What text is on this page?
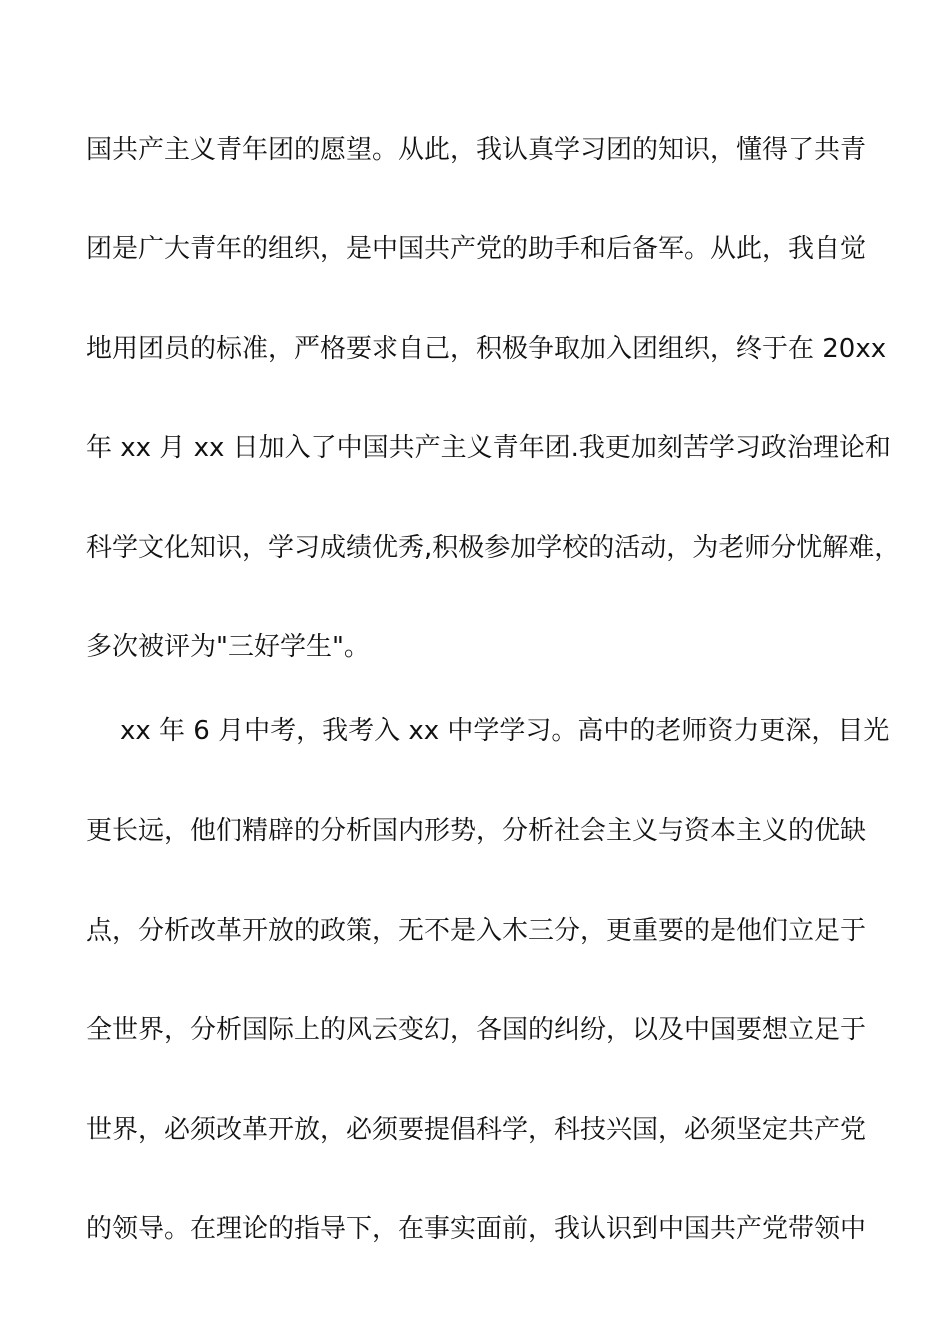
国共产主义青年团的愿望。从此，我认真学习团的知识，懂得了共青
团是广大青年的组织，是中国共产党的助手和后备军。从此，我自觉
地用团员的标准，严格要求自己，积极争取加入团组织，终于在 20xx
年 xx 月 xx 日加入了中国共产主义青年团.我更加刻苦学习政治理论和
科学文化知识，学习成绩优秀,积极参加学校的活动，为老师分忧解难，
多次被评为"三好学生"。
xx 年 6 月中考，我考入 xx 中学学习。高中的老师资力更深，目光
更长远，他们精辟的分析国内形势，分析社会主义与资本主义的优缺
点，分析改革开放的政策，无不是入木三分，更重要的是他们立足于
全世界，分析国际上的风云变幻，各国的纠纷，以及中国要想立足于
世界，必须改革开放，必须要提倡科学，科技兴国，必须坚定共产党
的领导。在理论的指导下，在事实面前，我认识到中国共产党带领中
